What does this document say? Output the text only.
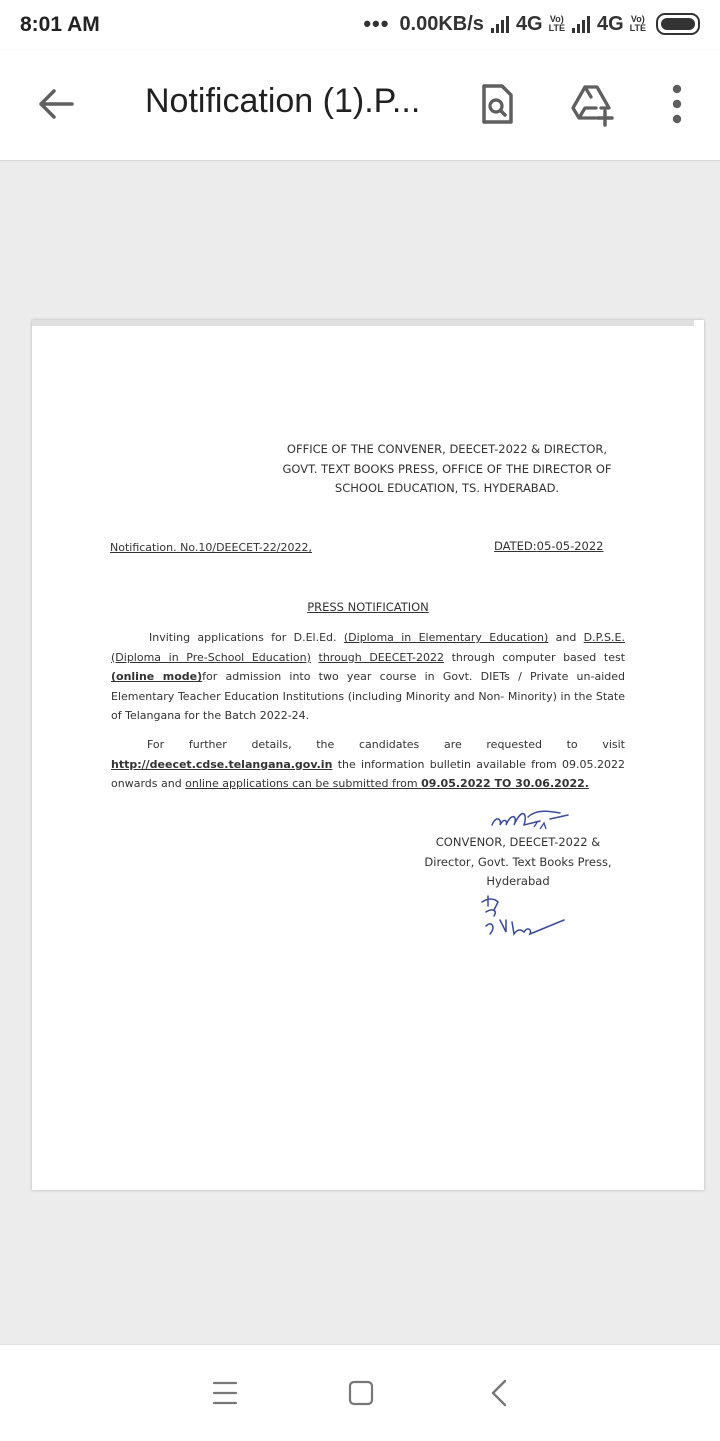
8:01 AM	••• 0.00KB/s 4G Vo)
LTE 4G Vo)
LTE
Notification (1).P...
OFFICE OF THE CONVENER, DEECET-2022 & DIRECTOR,
GOVT. TEXT BOOKS PRESS, OFFICE OF THE DIRECTOR OF
SCHOOL EDUCATION, TS. HYDERABAD.
Notification. No.10/DEECET-22/2022,	DATED:05-05-2022
PRESS NOTIFICATION
Inviting applications for D.El.Ed. (Diploma in Elementary Education) and D.P.S.E. (Diploma in Pre-School Education) through DEECET-2022 through computer based test (online mode)for admission into two year course in Govt. DIETs / Private un-aided Elementary Teacher Education Institutions (including Minority and Non- Minority) in the State of Telangana for the Batch 2022-24.
For further details, the candidates are requested to visit http://deecet.cdse.telangana.gov.in the information bulletin available from 09.05.2022 onwards and online applications can be submitted from 09.05.2022 TO 30.06.2022.
CONVENOR, DEECET-2022 &
Director, Govt. Text Books Press,
Hyderabad
